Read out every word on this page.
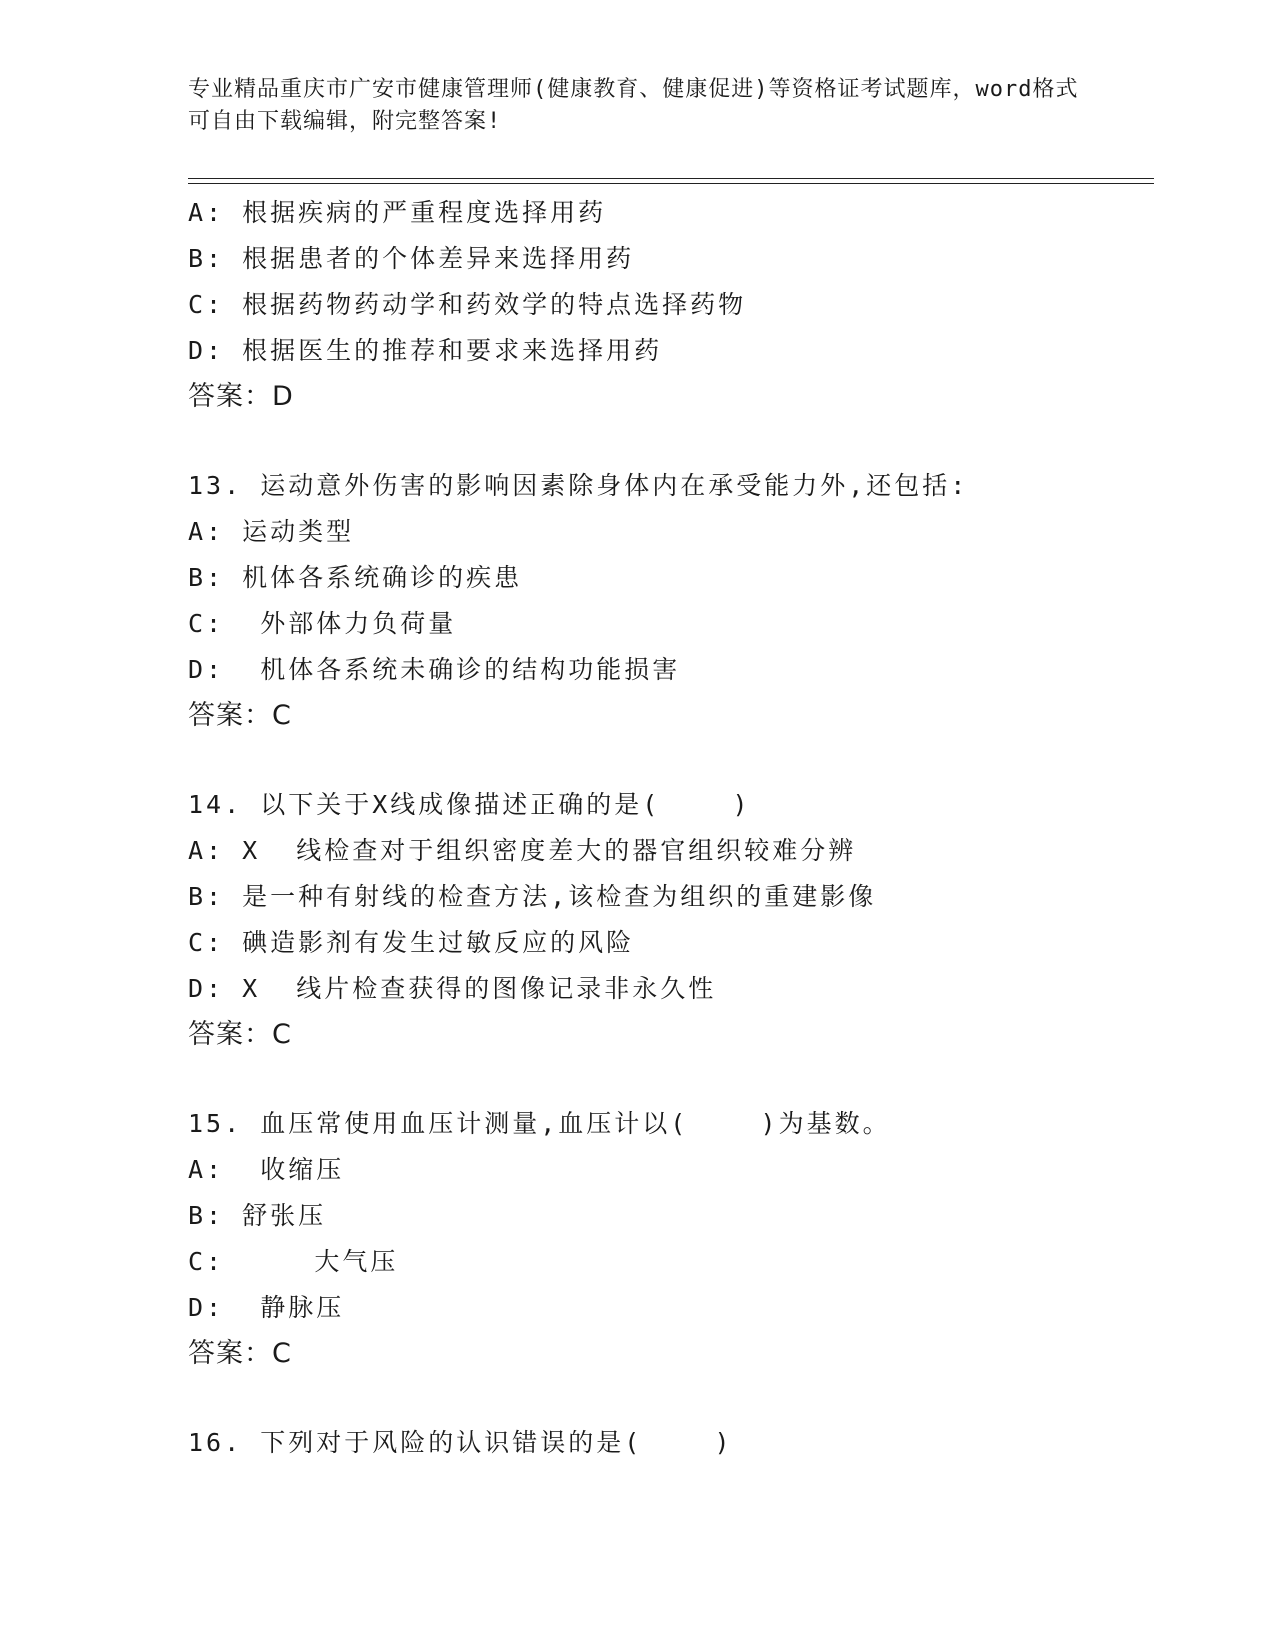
专业精品重庆市广安市健康管理师(健康教育、健康促进)等资格证考试题库，word格式可自由下载编辑，附完整答案!
A: 根据疾病的严重程度选择用药
B: 根据患者的个体差异来选择用药
C: 根据药物药动学和药效学的特点选择药物
D: 根据医生的推荐和要求来选择用药
答案：D
13. 运动意外伤害的影响因素除身体内在承受能力外,还包括:
A: 运动类型
B: 机体各系统确诊的疾患
C:  外部体力负荷量
D:  机体各系统未确诊的结构功能损害
答案：C
14. 以下关于X线成像描述正确的是(    )
A: X  线检查对于组织密度差大的器官组织较难分辨
B: 是一种有射线的检查方法,该检查为组织的重建影像
C: 碘造影剂有发生过敏反应的风险
D: X  线片检查获得的图像记录非永久性
答案：C
15. 血压常使用血压计测量,血压计以(    )为基数。
A:  收缩压
B: 舒张压
C:     大气压
D:  静脉压
答案：C
16. 下列对于风险的认识错误的是(    )
